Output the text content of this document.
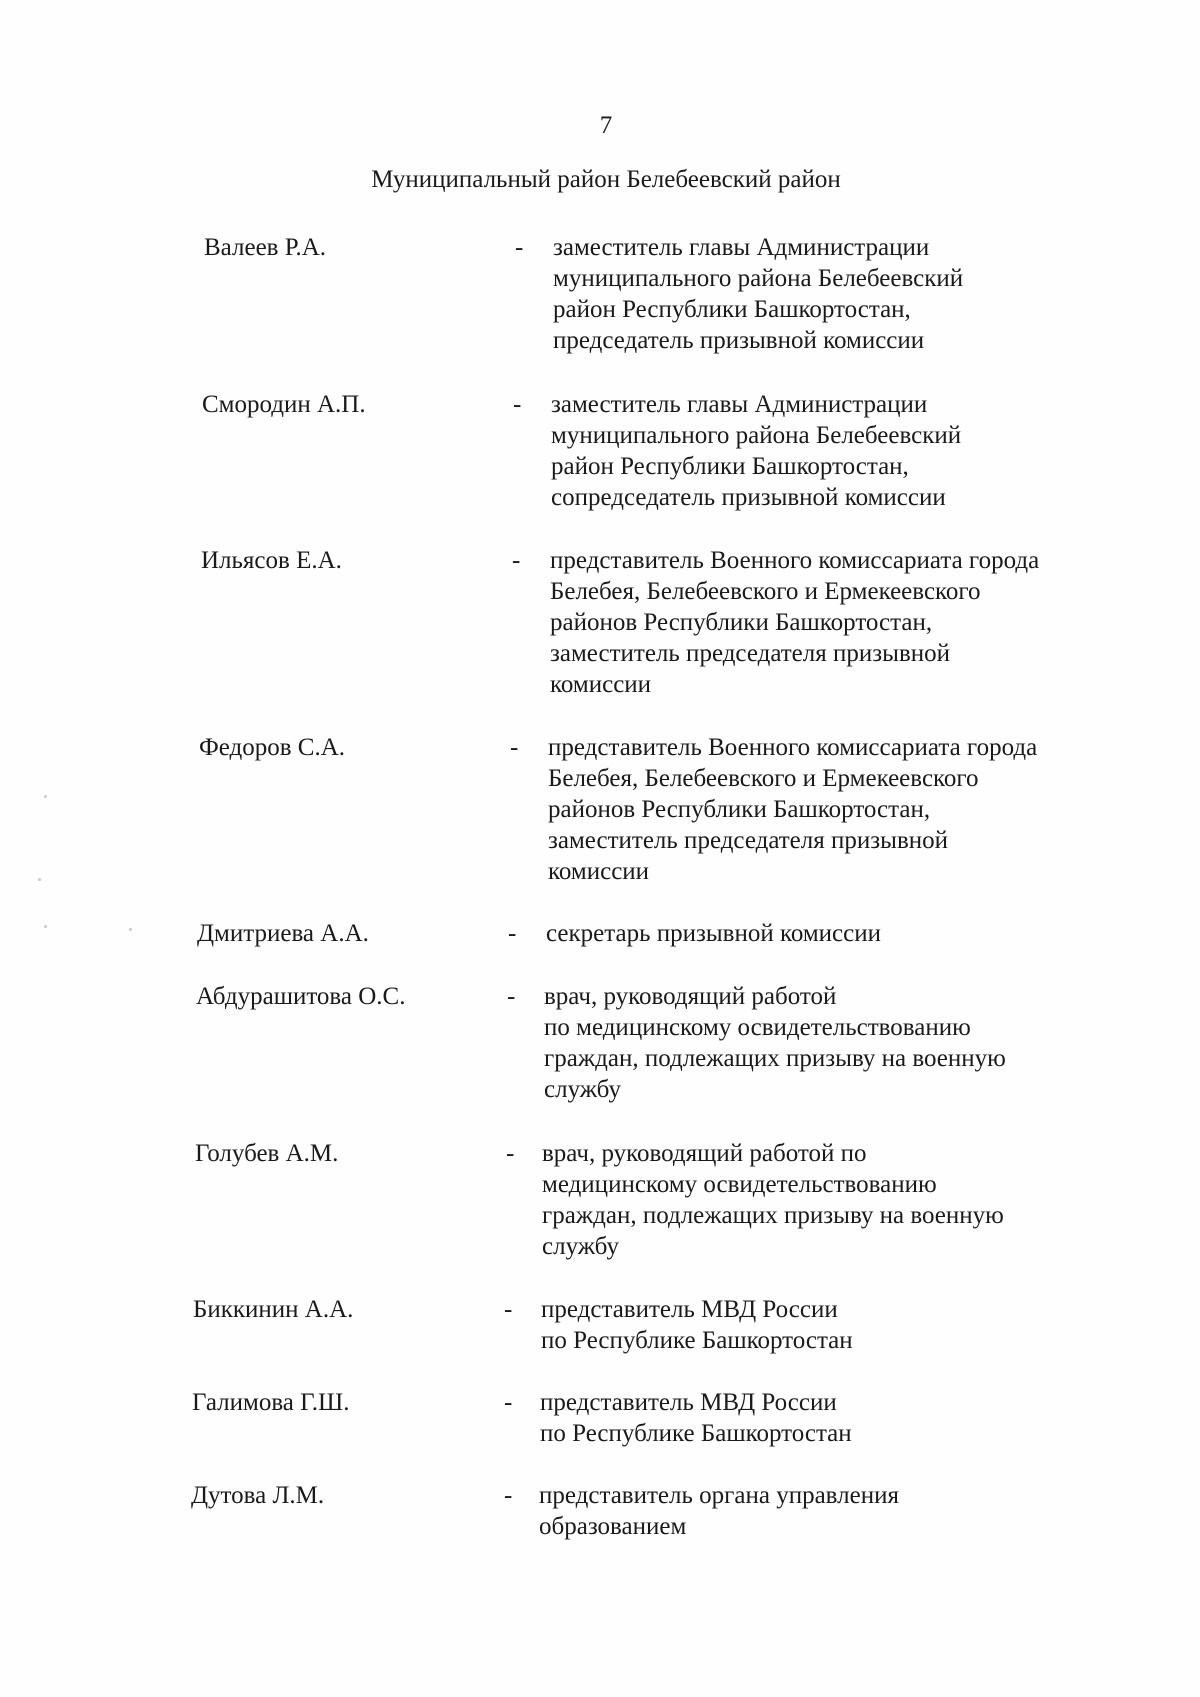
7
Муниципальный район Белебеевский район
Валеев Р.А.	- заместитель главы Администрации
муниципального района Белебеевский
район Республики Башкортостан,
председатель призывной комиссии
Смородин А.П.	- заместитель главы Администрации
муниципального района Белебеевский
район Республики Башкортостан,
сопредседатель призывной комиссии
Ильясов Е.А.	- представитель Военного комиссариата города
Белебея, Белебеевского и Ермекеевского
районов Республики Башкортостан,
заместитель председателя призывной
комиссии
Федоров С.А.	- представитель Военного комиссариата города
Белебея, Белебеевского и Ермекеевского
районов Республики Башкортостан,
заместитель председателя призывной
комиссии
Дмитриева А.А.	- секретарь призывной комиссии
Абдурашитова О.С.	- врач, руководящий работой
по медицинскому освидетельствованию
граждан, подлежащих призыву на военную
службу
Голубев А.М.	- врач, руководящий работой по
медицинскому освидетельствованию
граждан, подлежащих призыву на военную
службу
Биккинин А.А.	- представитель МВД России
по Республике Башкортостан
Галимова Г.Ш.	- представитель МВД России
по Республике Башкортостан
Дутова Л.М.	- представитель органа управления
образованием
